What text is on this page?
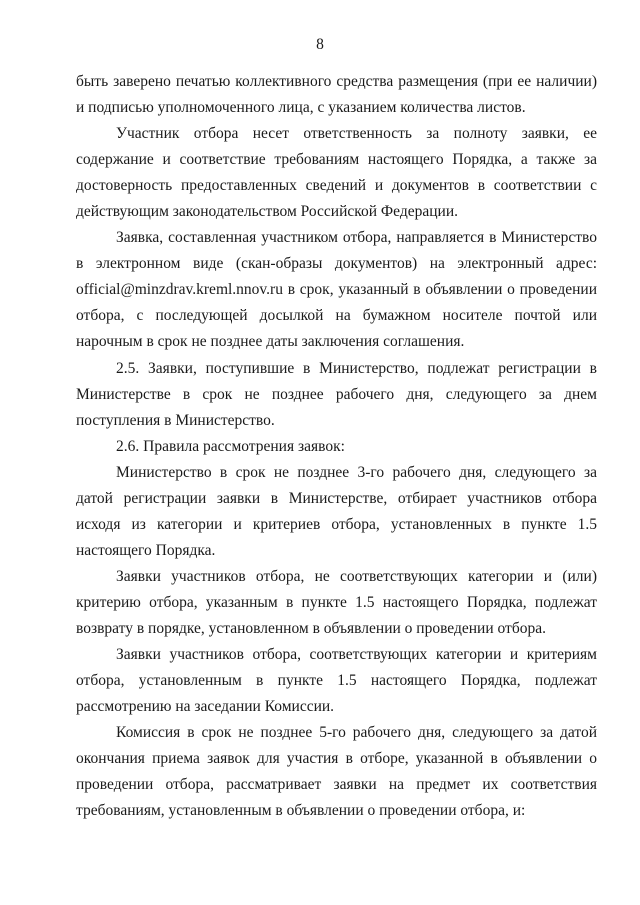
8

быть заверено печатью коллективного средства размещения (при ее наличии) и подписью уполномоченного лица, с указанием количества листов.

Участник отбора несет ответственность за полноту заявки, ее содержание и соответствие требованиям настоящего Порядка, а также за достоверность предоставленных сведений и документов в соответствии с действующим законодательством Российской Федерации.

Заявка, составленная участником отбора, направляется в Министерство в электронном виде (скан-образы документов) на электронный адрес: official@minzdrav.kreml.nnov.ru в срок, указанный в объявлении о проведении отбора, с последующей досылкой на бумажном носителе почтой или нарочным в срок не позднее даты заключения соглашения.

2.5. Заявки, поступившие в Министерство, подлежат регистрации в Министерстве в срок не позднее рабочего дня, следующего за днем поступления в Министерство.

2.6. Правила рассмотрения заявок:

Министерство в срок не позднее 3-го рабочего дня, следующего за датой регистрации заявки в Министерстве, отбирает участников отбора исходя из категории и критериев отбора, установленных в пункте 1.5 настоящего Порядка.

Заявки участников отбора, не соответствующих категории и (или) критерию отбора, указанным в пункте 1.5 настоящего Порядка, подлежат возврату в порядке, установленном в объявлении о проведении отбора.

Заявки участников отбора, соответствующих категории и критериям отбора, установленным в пункте 1.5 настоящего Порядка, подлежат рассмотрению на заседании Комиссии.

Комиссия в срок не позднее 5-го рабочего дня, следующего за датой окончания приема заявок для участия в отборе, указанной в объявлении о проведении отбора, рассматривает заявки на предмет их соответствия требованиям, установленным в объявлении о проведении отбора, и:
